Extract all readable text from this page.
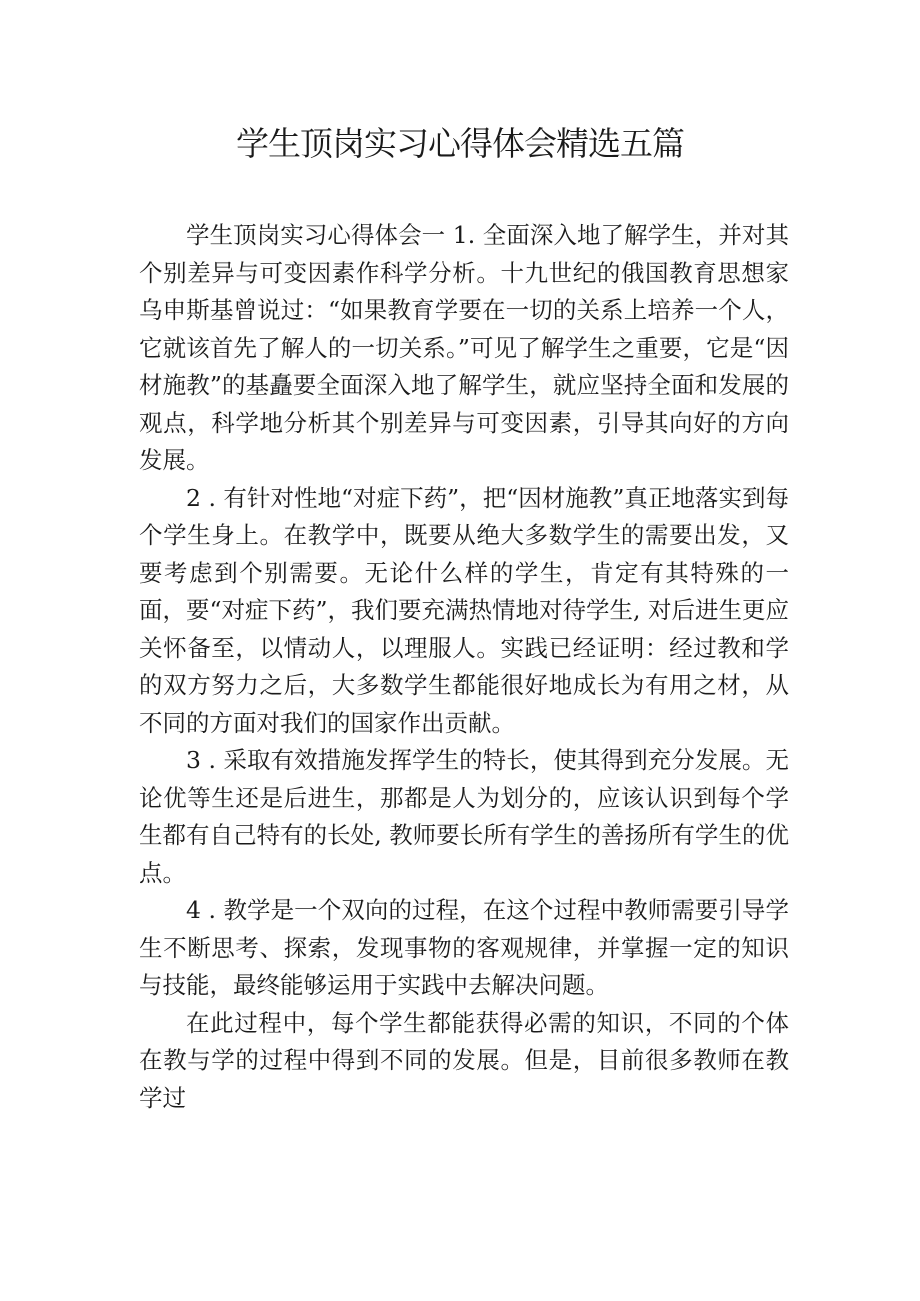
学生顶岗实习心得体会精选五篇

学生顶岗实习心得体会一 1. 全面深入地了解学生，并对其个别差异与可变因素作科学分析。十九世纪的俄国教育思想家乌申斯基曾说过：“如果教育学要在一切的关系上培养一个人，它就该首先了解人的一切关系。”可见了解学生之重要，它是“因材施教”的基矗要全面深入地了解学生，就应坚持全面和发展的观点，科学地分析其个别差异与可变因素，引导其向好的方向发展。

2 . 有针对性地“对症下药”，把“因材施教”真正地落实到每个学生身上。在教学中，既要从绝大多数学生的需要出发，又要考虑到个别需要。无论什么样的学生，肯定有其特殊的一面，要“对症下药”，我们要充满热情地对待学生, 对后进生更应关怀备至，以情动人，以理服人。实践已经证明：经过教和学的双方努力之后，大多数学生都能很好地成长为有用之材，从不同的方面对我们的国家作出贡献。

3 . 采取有效措施发挥学生的特长，使其得到充分发展。无论优等生还是后进生，那都是人为划分的，应该认识到每个学生都有自己特有的长处, 教师要长所有学生的善扬所有学生的优点。

4 . 教学是一个双向的过程，在这个过程中教师需要引导学生不断思考、探索，发现事物的客观规律，并掌握一定的知识与技能，最终能够运用于实践中去解决问题。

在此过程中，每个学生都能获得必需的知识，不同的个体在教与学的过程中得到不同的发展。但是，目前很多教师在教学过
